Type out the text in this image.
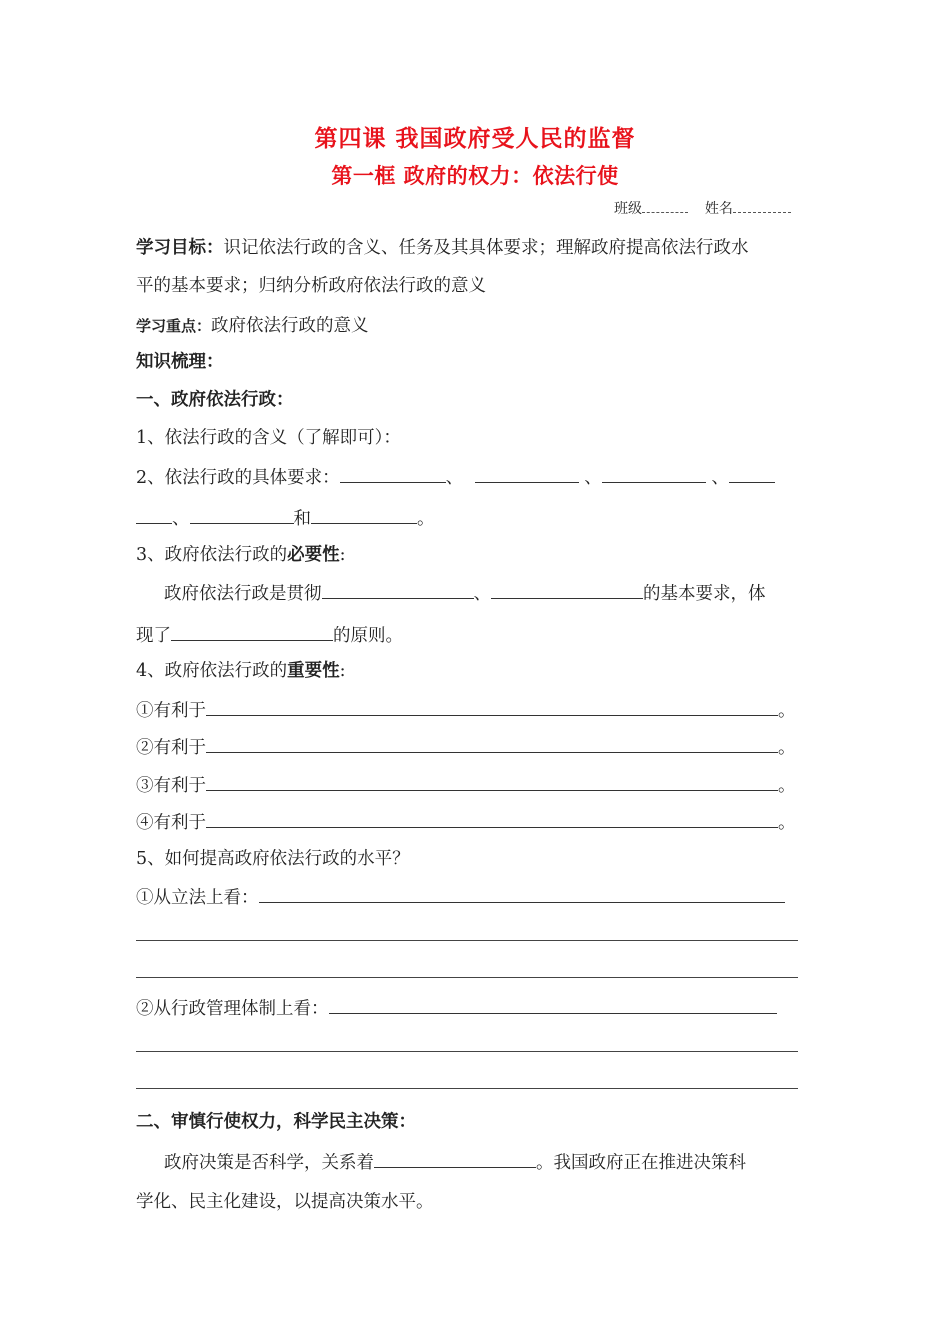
第四课 我国政府受人民的监督
第一框 政府的权力：依法行使
班级	姓名
学习目标：识记依法行政的含义、任务及其具体要求；理解政府提高依法行政水
平的基本要求；归纳分析政府依法行政的意义
学习重点：政府依法行政的意义
知识梳理：
一、政府依法行政：
1、依法行政的含义（了解即可）：
2、依法行政的具体要求：	、	、	、
、	和	。
3、政府依法行政的必要性:
政府依法行政是贯彻	、	的基本要求，体
现了	的原则。
4、政府依法行政的重要性:
①有利于	。
②有利于	。
③有利于	。
④有利于	。
5、如何提高政府依法行政的水平？
①从立法上看：
②从行政管理体制上看：
二、审慎行使权力，科学民主决策：
政府决策是否科学，关系着	。我国政府正在推进决策科
学化、民主化建设，以提高决策水平。
